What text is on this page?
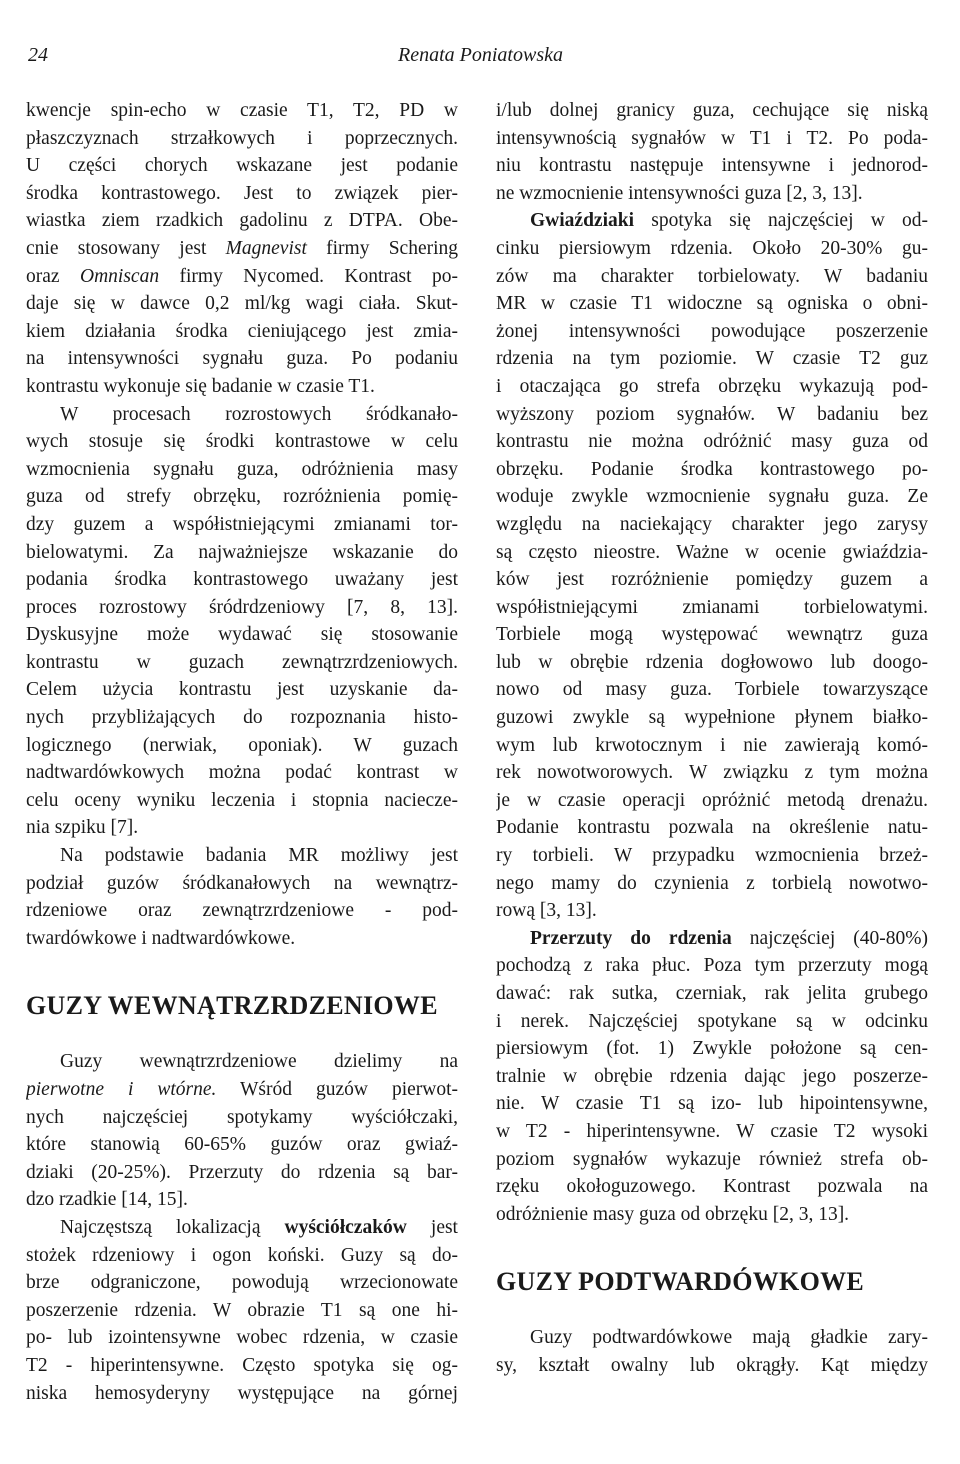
24	Renata Poniatowska
kwencje spin-echo w czasie T1, T2, PD w
płaszczyznach strzałkowych i poprzecznych.
U części chorych wskazane jest podanie
środka kontrastowego. Jest to związek pier-
wiastka ziem rzadkich gadolinu z DTPA. Obe-
cnie stosowany jest Magnevist firmy Schering
oraz Omniscan firmy Nycomed. Kontrast po-
daje się w dawce 0,2 ml/kg wagi ciała. Skut-
kiem działania środka cieniującego jest zmia-
na intensywności sygnału guza. Po podaniu
kontrastu wykonuje się badanie w czasie T1.
W procesach rozrostowych śródkanało-
wych stosuje się środki kontrastowe w celu
wzmocnienia sygnału guza, odróżnienia masy
guza od strefy obrzęku, rozróżnienia pomię-
dzy guzem a współistniejącymi zmianami tor-
bielowatymi. Za najważniejsze wskazanie do
podania środka kontrastowego uważany jest
proces rozrostowy śródrdzeniowy [7, 8, 13].
Dyskusyjne może wydawać się stosowanie
kontrastu w guzach zewnątrzrdzeniowych.
Celem użycia kontrastu jest uzyskanie da-
nych przybliżających do rozpoznania histo-
logicznego (nerwiak, oponiak). W guzach
nadtwardówkowych można podać kontrast w
celu oceny wyniku leczenia i stopnia naciecze-
nia szpiku [7].
Na podstawie badania MR możliwy jest
podział guzów śródkanałowych na wewnątrz-
rdzeniowe oraz zewnątrzrdzeniowe - pod-
twardówkowe i nadtwardówkowe.
GUZY WEWNĄTRZRDZENIOWE
Guzy wewnątrzrdzeniowe dzielimy na
pierwotne i wtórne. Wśród guzów pierwot-
nych najczęściej spotykamy wyściółczaki,
które stanowią 60-65% guzów oraz gwiaź-
dziaki (20-25%). Przerzuty do rdzenia są bar-
dzo rzadkie [14, 15].
Najczęstszą lokalizacją wyściółczaków jest
stożek rdzeniowy i ogon koński. Guzy są do-
brze odgraniczone, powodują wrzecionowate
poszerzenie rdzenia. W obrazie T1 są one hi-
po- lub izointensywne wobec rdzenia, w czasie
T2 - hiperintensywne. Często spotyka się og-
niska hemosyderyny występujące na górnej
i/lub dolnej granicy guza, cechujące się niską
intensywnością sygnałów w T1 i T2. Po poda-
niu kontrastu następuje intensywne i jednorod-
ne wzmocnienie intensywności guza [2, 3, 13].
Gwiaździaki spotyka się najczęściej w od-
cinku piersiowym rdzenia. Około 20-30% gu-
zów ma charakter torbielowaty. W badaniu
MR w czasie T1 widoczne są ogniska o obni-
żonej intensywności powodujące poszerzenie
rdzenia na tym poziomie. W czasie T2 guz
i otaczająca go strefa obrzęku wykazują pod-
wyższony poziom sygnałów. W badaniu bez
kontrastu nie można odróżnić masy guza od
obrzęku. Podanie środka kontrastowego po-
woduje zwykle wzmocnienie sygnału guza. Ze
względu na naciekający charakter jego zarysy
są często nieostre. Ważne w ocenie gwiaździa-
ków jest rozróżnienie pomiędzy guzem a
współistniejącymi zmianami torbielowatymi.
Torbiele mogą występować wewnątrz guza
lub w obrębie rdzenia dogłowowo lub doogo-
nowo od masy guza. Torbiele towarzyszące
guzowi zwykle są wypełnione płynem białko-
wym lub krwotocznym i nie zawierają komó-
rek nowotworowych. W związku z tym można
je w czasie operacji opróżnić metodą drenażu.
Podanie kontrastu pozwala na określenie natu-
ry torbieli. W przypadku wzmocnienia brzeż-
nego mamy do czynienia z torbielą nowotwo-
rową [3, 13].
Przerzuty do rdzenia najczęściej (40-80%)
pochodzą z raka płuc. Poza tym przerzuty mogą
dawać: rak sutka, czerniak, rak jelita grubego
i nerek. Najczęściej spotykane są w odcinku
piersiowym (fot. 1) Zwykle położone są cen-
tralnie w obrębie rdzenia dając jego poszerze-
nie. W czasie T1 są izo- lub hipointensywne,
w T2 - hiperintensywne. W czasie T2 wysoki
poziom sygnałów wykazuje również strefa ob-
rzęku okołoguzowego. Kontrast pozwala na
odróżnienie masy guza od obrzęku [2, 3, 13].
GUZY PODTWARDÓWKOWE
Guzy podtwardówkowe mają gładkie zary-
sy, kształt owalny lub okrągły. Kąt między
